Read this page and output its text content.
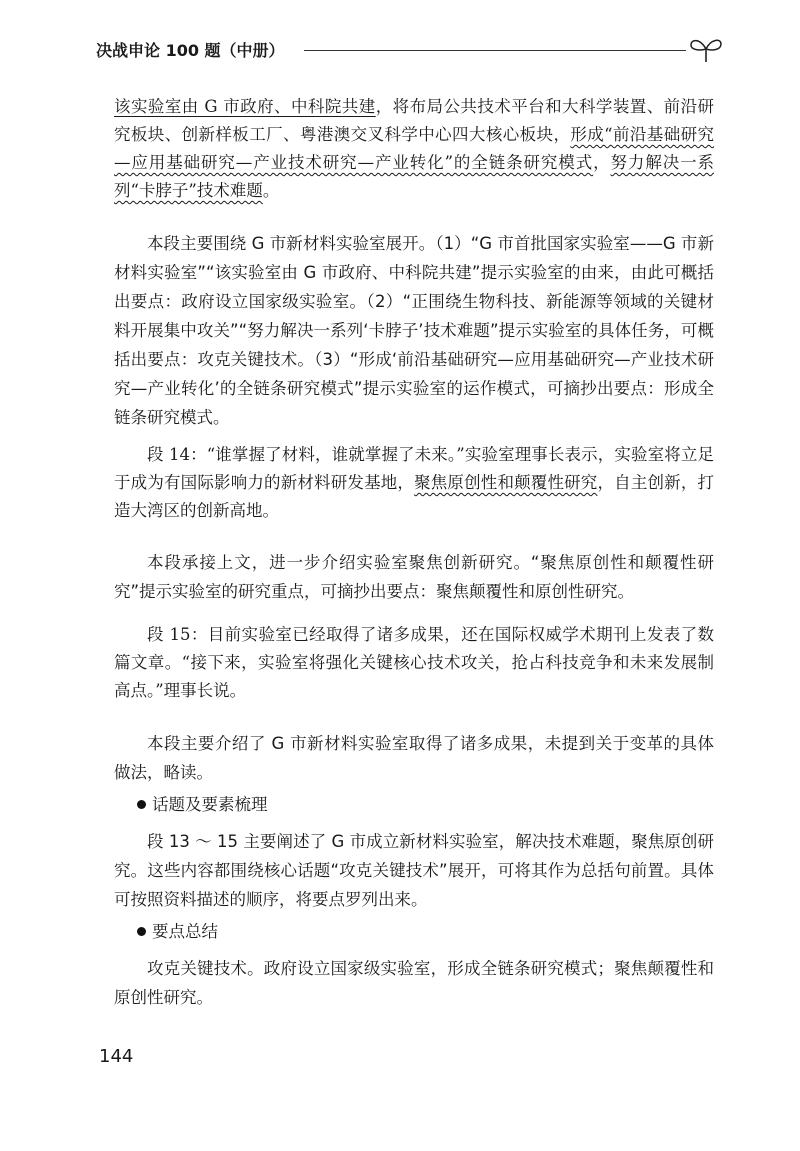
决战申论 100 题（中册）

该实验室由 G 市政府、中科院共建，将布局公共技术平台和大科学装置、前沿研究板块、创新样板工厂、粤港澳交叉科学中心四大核心板块，形成“前沿基础研究—应用基础研究—产业技术研究—产业转化”的全链条研究模式，努力解决一系列“卡脖子”技术难题。

本段主要围绕 G 市新材料实验室展开。（1）“G 市首批国家实验室——G 市新材料实验室”“该实验室由 G 市政府、中科院共建”提示实验室的由来，由此可概括出要点：政府设立国家级实验室。（2）“正围绕生物科技、新能源等领域的关键材料开展集中攻关”“努力解决一系列‘卡脖子’技术难题”提示实验室的具体任务，可概括出要点：攻克关键技术。（3）“形成‘前沿基础研究—应用基础研究—产业技术研究—产业转化’的全链条研究模式”提示实验室的运作模式，可摘抄出要点：形成全链条研究模式。

段 14：“谁掌握了材料，谁就掌握了未来。”实验室理事长表示，实验室将立足于成为有国际影响力的新材料研发基地，聚焦原创性和颠覆性研究，自主创新，打造大湾区的创新高地。

本段承接上文，进一步介绍实验室聚焦创新研究。“聚焦原创性和颠覆性研究”提示实验室的研究重点，可摘抄出要点：聚焦颠覆性和原创性研究。

段 15：目前实验室已经取得了诸多成果，还在国际权威学术期刊上发表了数篇文章。“接下来，实验室将强化关键核心技术攻关，抢占科技竞争和未来发展制高点。”理事长说。

本段主要介绍了 G 市新材料实验室取得了诸多成果，未提到关于变革的具体做法，略读。

话题及要素梳理

段 13 ～ 15 主要阐述了 G 市成立新材料实验室，解决技术难题，聚焦原创研究。这些内容都围绕核心话题“攻克关键技术”展开，可将其作为总括句前置。具体可按照资料描述的顺序，将要点罗列出来。

要点总结

攻克关键技术。政府设立国家级实验室，形成全链条研究模式；聚焦颠覆性和原创性研究。

144
